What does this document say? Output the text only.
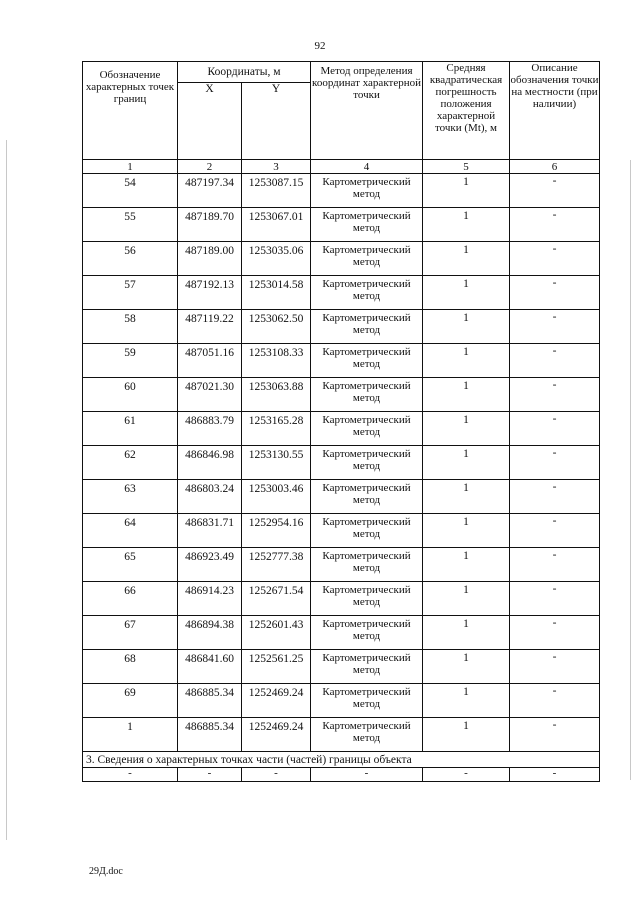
92
Обозначение характерных точек границ	Координаты, м		Метод определения координат характерной точки	Средняя квадратическая погрешность положения характерной точки (Mt), м	Описание обозначения точки на местности (при наличии)
	X	Y			
1	2	3	4	5	6
54	487197.34	1253087.15	Картометрический метод	1	-
55	487189.70	1253067.01	Картометрический метод	1	-
56	487189.00	1253035.06	Картометрический метод	1	-
57	487192.13	1253014.58	Картометрический метод	1	-
58	487119.22	1253062.50	Картометрический метод	1	-
59	487051.16	1253108.33	Картометрический метод	1	-
60	487021.30	1253063.88	Картометрический метод	1	-
61	486883.79	1253165.28	Картометрический метод	1	-
62	486846.98	1253130.55	Картометрический метод	1	-
63	486803.24	1253003.46	Картометрический метод	1	-
64	486831.71	1252954.16	Картометрический метод	1	-
65	486923.49	1252777.38	Картометрический метод	1	-
66	486914.23	1252671.54	Картометрический метод	1	-
67	486894.38	1252601.43	Картометрический метод	1	-
68	486841.60	1252561.25	Картометрический метод	1	-
69	486885.34	1252469.24	Картометрический метод	1	-
1	486885.34	1252469.24	Картометрический метод	1	-
3. Сведения о характерных точках части (частей) границы объекта					
-	-	-	-	-	-
29Д.doc
